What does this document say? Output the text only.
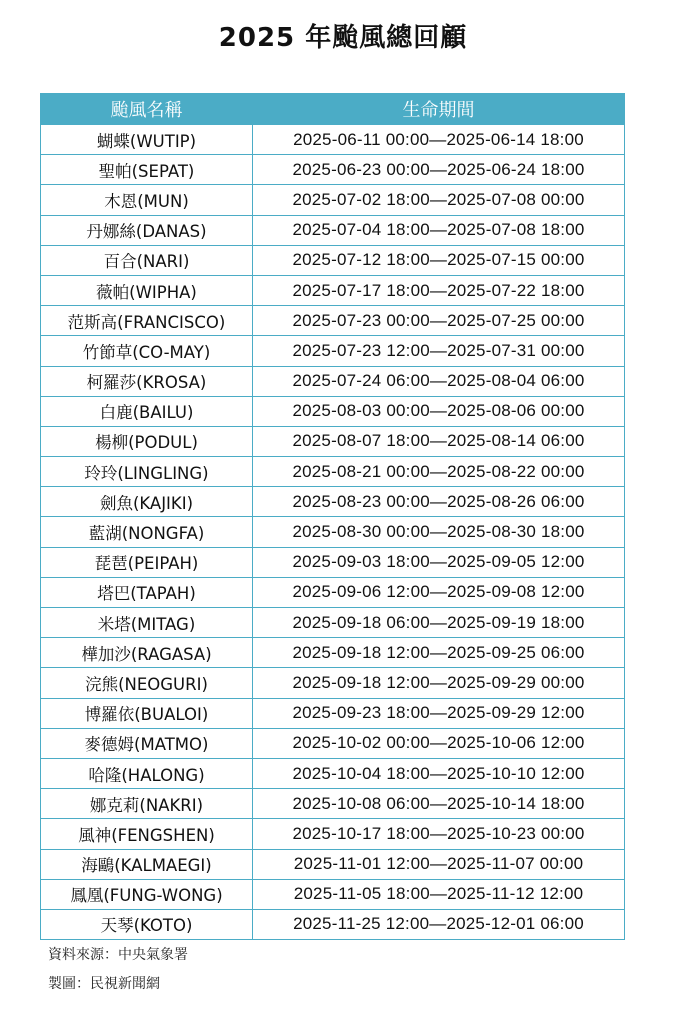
2025 年颱風總回顧
颱風名稱	生命期間
蝴蝶(WUTIP)	2025-06-11 00:00—2025-06-14 18:00
聖帕(SEPAT)	2025-06-23 00:00—2025-06-24 18:00
木恩(MUN)	2025-07-02 18:00—2025-07-08 00:00
丹娜絲(DANAS)	2025-07-04 18:00—2025-07-08 18:00
百合(NARI)	2025-07-12 18:00—2025-07-15 00:00
薇帕(WIPHA)	2025-07-17 18:00—2025-07-22 18:00
范斯高(FRANCISCO)	2025-07-23 00:00—2025-07-25 00:00
竹節草(CO-MAY)	2025-07-23 12:00—2025-07-31 00:00
柯羅莎(KROSA)	2025-07-24 06:00—2025-08-04 06:00
白鹿(BAILU)	2025-08-03 00:00—2025-08-06 00:00
楊柳(PODUL)	2025-08-07 18:00—2025-08-14 06:00
玲玲(LINGLING)	2025-08-21 00:00—2025-08-22 00:00
劍魚(KAJIKI)	2025-08-23 00:00—2025-08-26 06:00
藍湖(NONGFA)	2025-08-30 00:00—2025-08-30 18:00
琵琶(PEIPAH)	2025-09-03 18:00—2025-09-05 12:00
塔巴(TAPAH)	2025-09-06 12:00—2025-09-08 12:00
米塔(MITAG)	2025-09-18 06:00—2025-09-19 18:00
樺加沙(RAGASA)	2025-09-18 12:00—2025-09-25 06:00
浣熊(NEOGURI)	2025-09-18 12:00—2025-09-29 00:00
博羅依(BUALOI)	2025-09-23 18:00—2025-09-29 12:00
麥德姆(MATMO)	2025-10-02 00:00—2025-10-06 12:00
哈隆(HALONG)	2025-10-04 18:00—2025-10-10 12:00
娜克莉(NAKRI)	2025-10-08 06:00—2025-10-14 18:00
風神(FENGSHEN)	2025-10-17 18:00—2025-10-23 00:00
海鷗(KALMAEGI)	2025-11-01 12:00—2025-11-07 00:00
鳳凰(FUNG-WONG)	2025-11-05 18:00—2025-11-12 12:00
天琴(KOTO)	2025-11-25 12:00—2025-12-01 06:00
資料來源：中央氣象署
製圖：民視新聞網
